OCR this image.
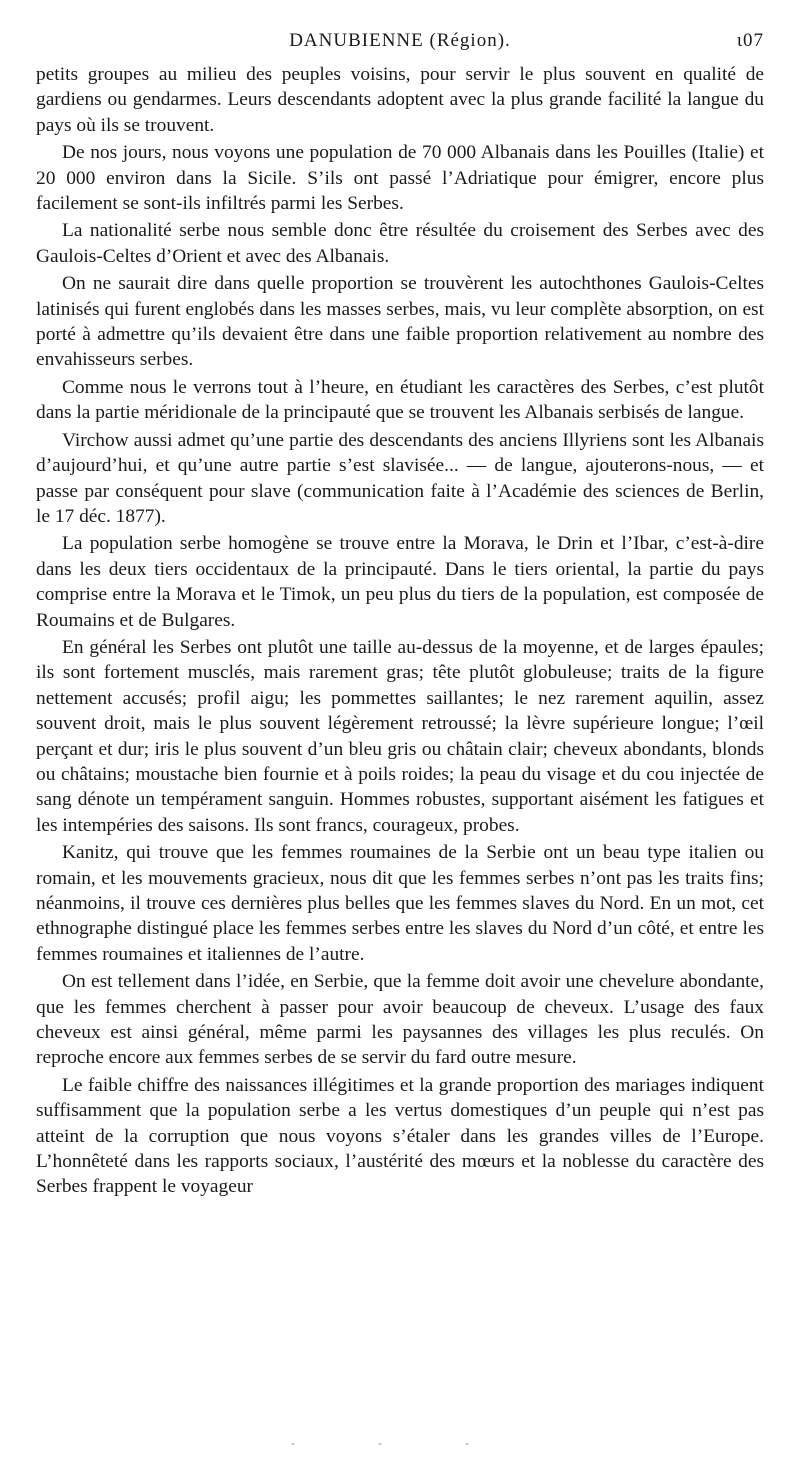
DANUBIENNE (Région).	ι07

petits groupes au milieu des peuples voisins, pour servir le plus souvent en qualité de gardiens ou gendarmes. Leurs descendants adoptent avec la plus grande facilité la langue du pays où ils se trouvent.

De nos jours, nous voyons une population de 70 000 Albanais dans les Pouilles (Italie) et 20 000 environ dans la Sicile. S’ils ont passé l’Adriatique pour émigrer, encore plus facilement se sont-ils infiltrés parmi les Serbes.

La nationalité serbe nous semble donc être résultée du croisement des Serbes avec des Gaulois-Celtes d’Orient et avec des Albanais.

On ne saurait dire dans quelle proportion se trouvèrent les autochthones Gaulois-Celtes latinisés qui furent englobés dans les masses serbes, mais, vu leur complète absorption, on est porté à admettre qu’ils devaient être dans une faible proportion relativement au nombre des envahisseurs serbes.

Comme nous le verrons tout à l’heure, en étudiant les caractères des Serbes, c’est plutôt dans la partie méridionale de la principauté que se trouvent les Albanais serbisés de langue.

Virchow aussi admet qu’une partie des descendants des anciens Illyriens sont les Albanais d’aujourd’hui, et qu’une autre partie s’est slavisée... — de langue, ajouterons-nous, — et passe par conséquent pour slave (communication faite à l’Académie des sciences de Berlin, le 17 déc. 1877).

La population serbe homogène se trouve entre la Morava, le Drin et l’Ibar, c’est-à-dire dans les deux tiers occidentaux de la principauté. Dans le tiers oriental, la partie du pays comprise entre la Morava et le Timok, un peu plus du tiers de la population, est composée de Roumains et de Bulgares.

En général les Serbes ont plutôt une taille au-dessus de la moyenne, et de larges épaules; ils sont fortement musclés, mais rarement gras; tête plutôt globuleuse; traits de la figure nettement accusés; profil aigu; les pommettes saillantes; le nez rarement aquilin, assez souvent droit, mais le plus souvent légèrement retroussé; la lèvre supérieure longue; l’œil perçant et dur; iris le plus souvent d’un bleu gris ou châtain clair; cheveux abondants, blonds ou châtains; moustache bien fournie et à poils roides; la peau du visage et du cou injectée de sang dénote un tempérament sanguin. Hommes robustes, supportant aisément les fatigues et les intempéries des saisons. Ils sont francs, courageux, probes.

Kanitz, qui trouve que les femmes roumaines de la Serbie ont un beau type italien ou romain, et les mouvements gracieux, nous dit que les femmes serbes n’ont pas les traits fins; néanmoins, il trouve ces dernières plus belles que les femmes slaves du Nord. En un mot, cet ethnographe distingué place les femmes serbes entre les slaves du Nord d’un côté, et entre les femmes roumaines et italiennes de l’autre.

On est tellement dans l’idée, en Serbie, que la femme doit avoir une chevelure abondante, que les femmes cherchent à passer pour avoir beaucoup de cheveux. L’usage des faux cheveux est ainsi général, même parmi les paysannes des villages les plus reculés. On reproche encore aux femmes serbes de se servir du fard outre mesure.

Le faible chiffre des naissances illégitimes et la grande proportion des mariages indiquent suffisamment que la population serbe a les vertus domestiques d’un peuple qui n’est pas atteint de la corruption que nous voyons s’étaler dans les grandes villes de l’Europe. L’honnêteté dans les rapports sociaux, l’austérité des mœurs et la noblesse du caractère des Serbes frappent le voyageur

- - -
